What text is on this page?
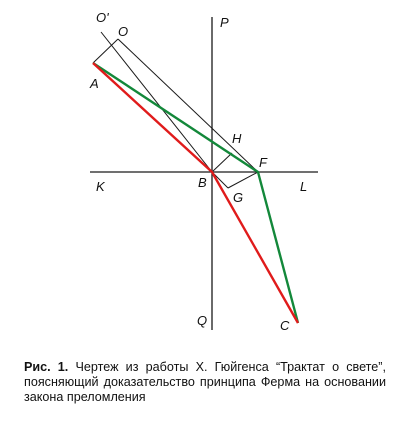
O'
O
A
P
H
F
K	B
G
L
Q	C
Рис. 1. Чертеж из работы Х. Гюйгенса “Трактат о свете”, поясняющий доказательство принципа Ферма на основании закона преломления
